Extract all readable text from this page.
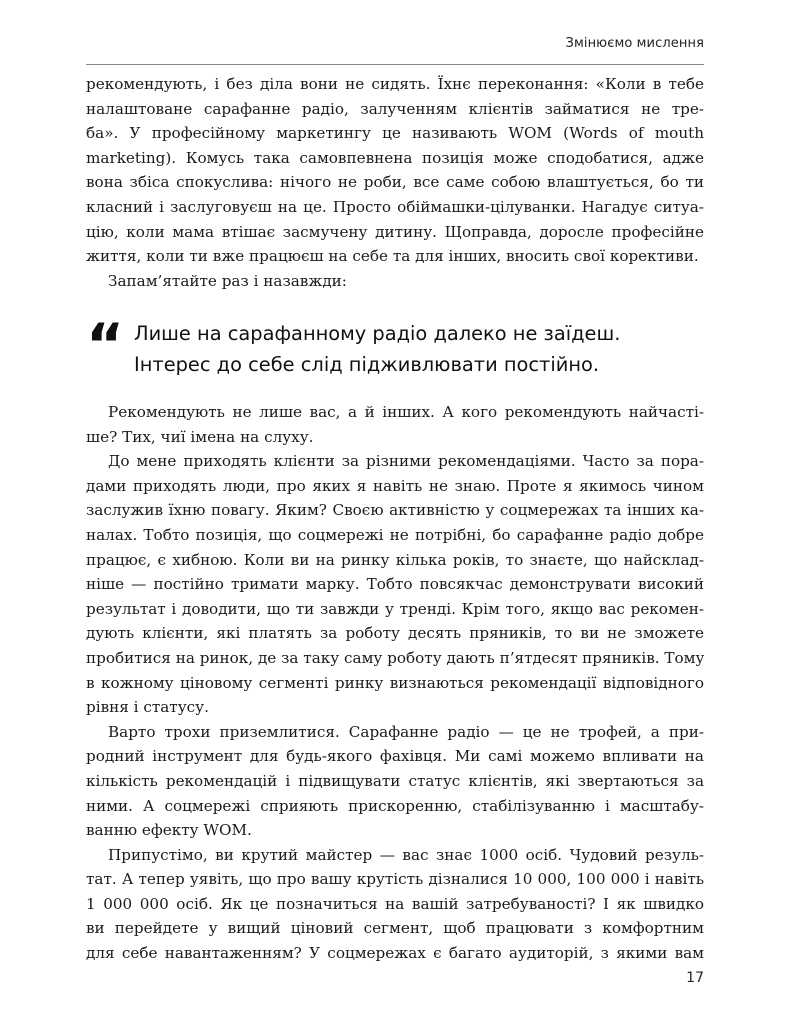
Змінюємо мислення
рекомендують, і без діла вони не сидять. Їхнє переконання: «Коли в тебе
налаштоване сарафанне радіо, залученням клієнтів займатися не тре-
ба». У професійному маркетингу це називають WOM (Words of mouth
marketing). Комусь така самовпевнена позиція може сподобатися, адже
вона збіса спокуслива: нічого не роби, все саме собою влаштується, бо ти
класний і заслуговуєш на це. Просто обіймашки-цілуванки. Нагадує ситуа-
цію, коли мама втішає засмучену дитину. Щоправда, доросле професійне
життя, коли ти вже працюєш на себе та для інших, вносить свої корективи.
Запам’ятайте раз і назавжди:
“ Лише на сарафанному радіо далеко не заїдеш.
Інтерес до себе слід підживлювати постійно.
Рекомендують не лише вас, а й інших. А кого рекомендують найчасті-
ше? Тих, чиї імена на слуху.
До мене приходять клієнти за різними рекомендаціями. Часто за пора-
дами приходять люди, про яких я навіть не знаю. Проте я якимось чином
заслужив їхню повагу. Яким? Своєю активністю у соцмережах та інших ка-
налах. Тобто позиція, що соцмережі не потрібні, бо сарафанне радіо добре
працює, є хибною. Коли ви на ринку кілька років, то знаєте, що найсклад-
ніше — постійно тримати марку. Тобто повсякчас демонструвати високий
результат і доводити, що ти завжди у тренді. Крім того, якщо вас рекомен-
дують клієнти, які платять за роботу десять пряників, то ви не зможете
пробитися на ринок, де за таку саму роботу дають п’ятдесят пряників. Тому
в кожному ціновому сегменті ринку визнаються рекомендації відповідного
рівня і статусу.
Варто трохи приземлитися. Сарафанне радіо — це не трофей, а при-
родний інструмент для будь-якого фахівця. Ми самі можемо впливати на
кількість рекомендацій і підвищувати статус клієнтів, які звертаються за
ними. А соцмережі сприяють прискоренню, стабілізуванню і масштабу-
ванню ефекту WOM.
Припустімо, ви крутий майстер — вас знає 1000 осіб. Чудовий резуль-
тат. А тепер уявіть, що про вашу крутість дізналися 10 000, 100 000 і навіть
1 000 000 осіб. Як це позначиться на вашій затребуваності? І як швидко
ви перейдете у вищий ціновий сегмент, щоб працювати з комфортним
для себе навантаженням? У соцмережах є багато аудиторій, з якими вам
17
